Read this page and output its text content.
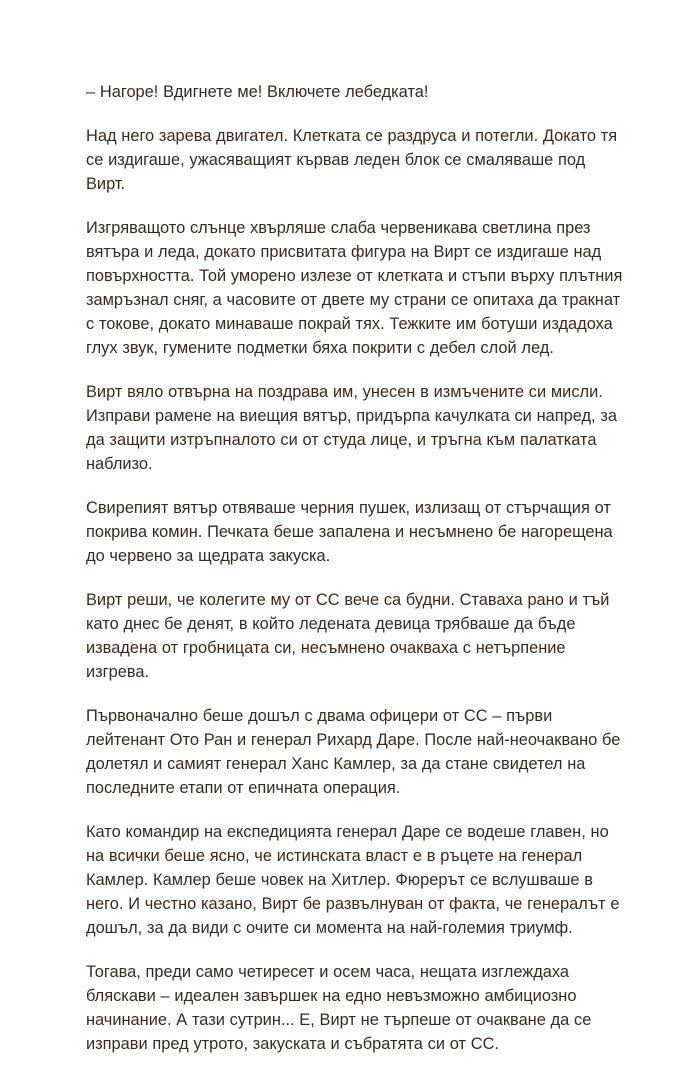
– Нагоре! Вдигнете ме! Включете лебедката!

Над него зарева двигател. Клетката се раздруса и потегли. Докато тя се издигаше, ужасяващият кървав леден блок се смаляваше под Вирт.

Изгряващото слънце хвърляше слаба червеникава светлина през вятъра и леда, докато присвитата фигура на Вирт се издигаше над повърхността. Той уморено излезе от клетката и стъпи върху плътния замръзнал сняг, а часовите от двете му страни се опитаха да тракнат с токове, докато минаваше покрай тях. Тежките им ботуши издадоха глух звук, гумените подметки бяха покрити с дебел слой лед.

Вирт вяло отвърна на поздрава им, унесен в измъчените си мисли. Изправи рамене на виещия вятър, придърпа качулката си напред, за да защити изтръпналото си от студа лице, и тръгна към палатката наблизо.

Свирепият вятър отвяваше черния пушек, излизащ от стърчащия от покрива комин. Печката беше запалена и несъмнено бе нагорещена до червено за щедрата закуска.

Вирт реши, че колегите му от СС вече са будни. Ставаха рано и тъй като днес бе денят, в който ледената девица трябваше да бъде извадена от гробницата си, несъмнено очакваха с нетърпение изгрева.

Първоначално беше дошъл с двама офицери от СС – първи лейтенант Ото Ран и генерал Рихард Даре. После най-неочаквано бе долетял и самият генерал Ханс Камлер, за да стане свидетел на последните етапи от епичната операция.

Като командир на експедицията генерал Даре се водеше главен, но на всички беше ясно, че истинската власт е в ръцете на генерал Камлер. Камлер беше човек на Хитлер. Фюрерът се вслушваше в него. И честно казано, Вирт бе развълнуван от факта, че генералът е дошъл, за да види с очите си момента на най-големия триумф.

Тогава, преди само четиресет и осем часа, нещата изглеждаха бляскави – идеален завършек на едно невъзможно амбициозно начинание. А тази сутрин... Е, Вирт не търпеше от очакване да се изправи пред утрото, закуската и събратята си от СС.
